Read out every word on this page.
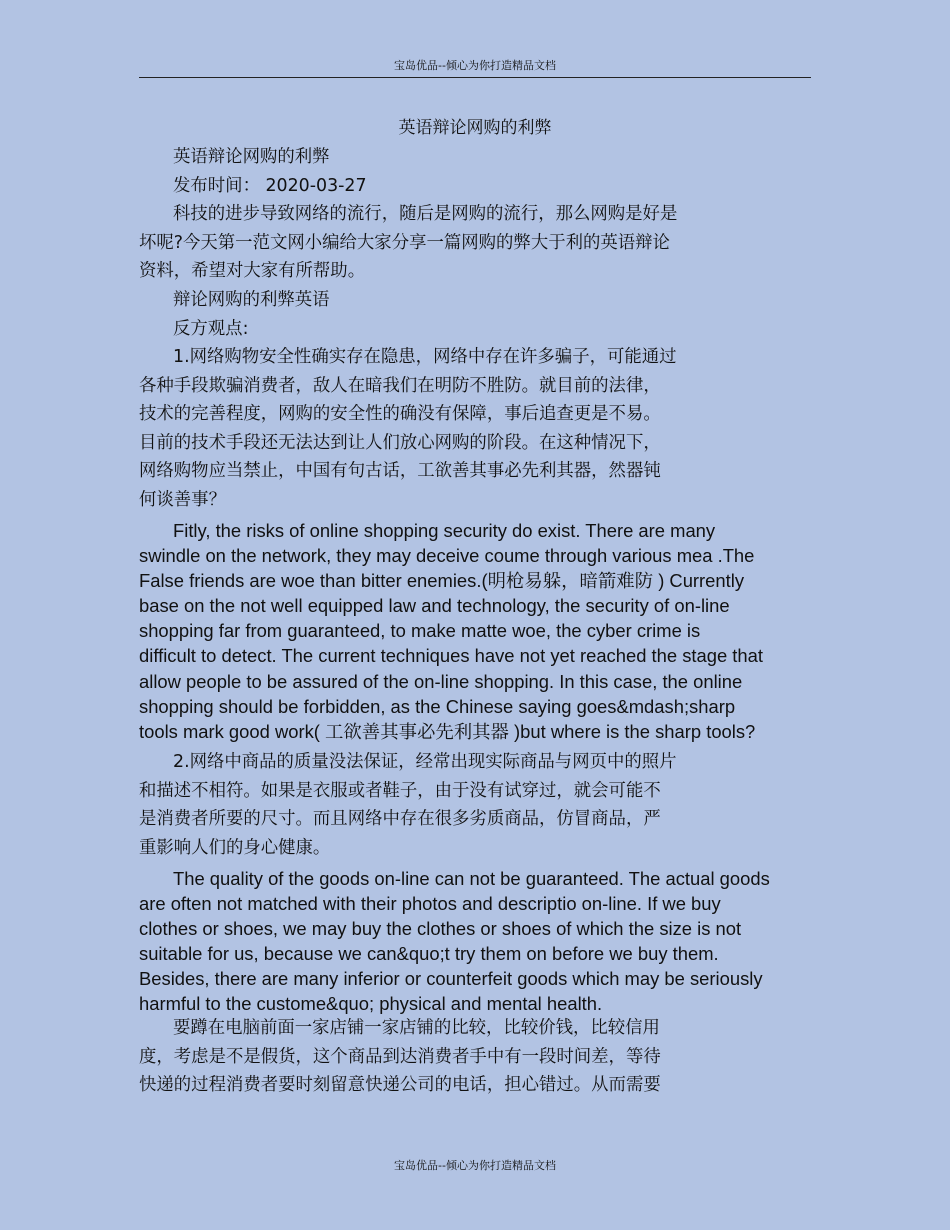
宝岛优品--倾心为你打造精品文档
英语辩论网购的利弊

英语辩论网购的利弊

发布时间： 2020-03-27

科技的进步导致网络的流行，随后是网购的流行，那么网购是好是
坏呢?今天第一范文网小编给大家分享一篇网购的弊大于利的英语辩论
资料，希望对大家有所帮助。

辩论网购的利弊英语

反方观点:

1.网络购物安全性确实存在隐患，网络中存在许多骗子，可能通过
各种手段欺骗消费者，敌人在暗我们在明防不胜防。就目前的法律，
技术的完善程度，网购的安全性的确没有保障，事后追查更是不易。
目前的技术手段还无法达到让人们放心网购的阶段。在这种情况下，
网络购物应当禁止，中国有句古话，工欲善其事必先利其器，然器钝
何谈善事？

Fitly, the risks of online shopping security do exist. There are many
swindle on the network, they may deceive coume through various mea .The
False friends are woe than bitter enemies.(明枪易躲，暗箭难防 ) Currently
base on the not well equipped law and technology, the security of on-line
shopping far from guaranteed, to make matte woe, the cyber crime is
difficult to detect. The current techniques have not yet reached the stage that
allow people to be assured of the on-line shopping. In this case, the online
shopping should be forbidden, as the Chinese saying goes&mdash;sharp
tools mark good work( 工欲善其事必先利其器 )but where is the sharp tools?

2.网络中商品的质量没法保证，经常出现实际商品与网页中的照片
和描述不相符。如果是衣服或者鞋子，由于没有试穿过，就会可能不
是消费者所要的尺寸。而且网络中存在很多劣质商品，仿冒商品，严
重影响人们的身心健康。

The quality of the goods on-line can not be guaranteed. The actual goods
are often not matched with their photos and descriptio on-line. If we buy
clothes or shoes, we may buy the clothes or shoes of which the size is not
suitable for us, because we can&quo;t try them on before we buy them.
Besides, there are many inferior or counterfeit goods which may be seriously
harmful to the custome&quo; physical and mental health.

要蹲在电脑前面一家店铺一家店铺的比较，比较价钱，比较信用
度，考虑是不是假货，这个商品到达消费者手中有一段时间差，等待
快递的过程消费者要时刻留意快递公司的电话，担心错过。从而需要

宝岛优品--倾心为你打造精品文档
